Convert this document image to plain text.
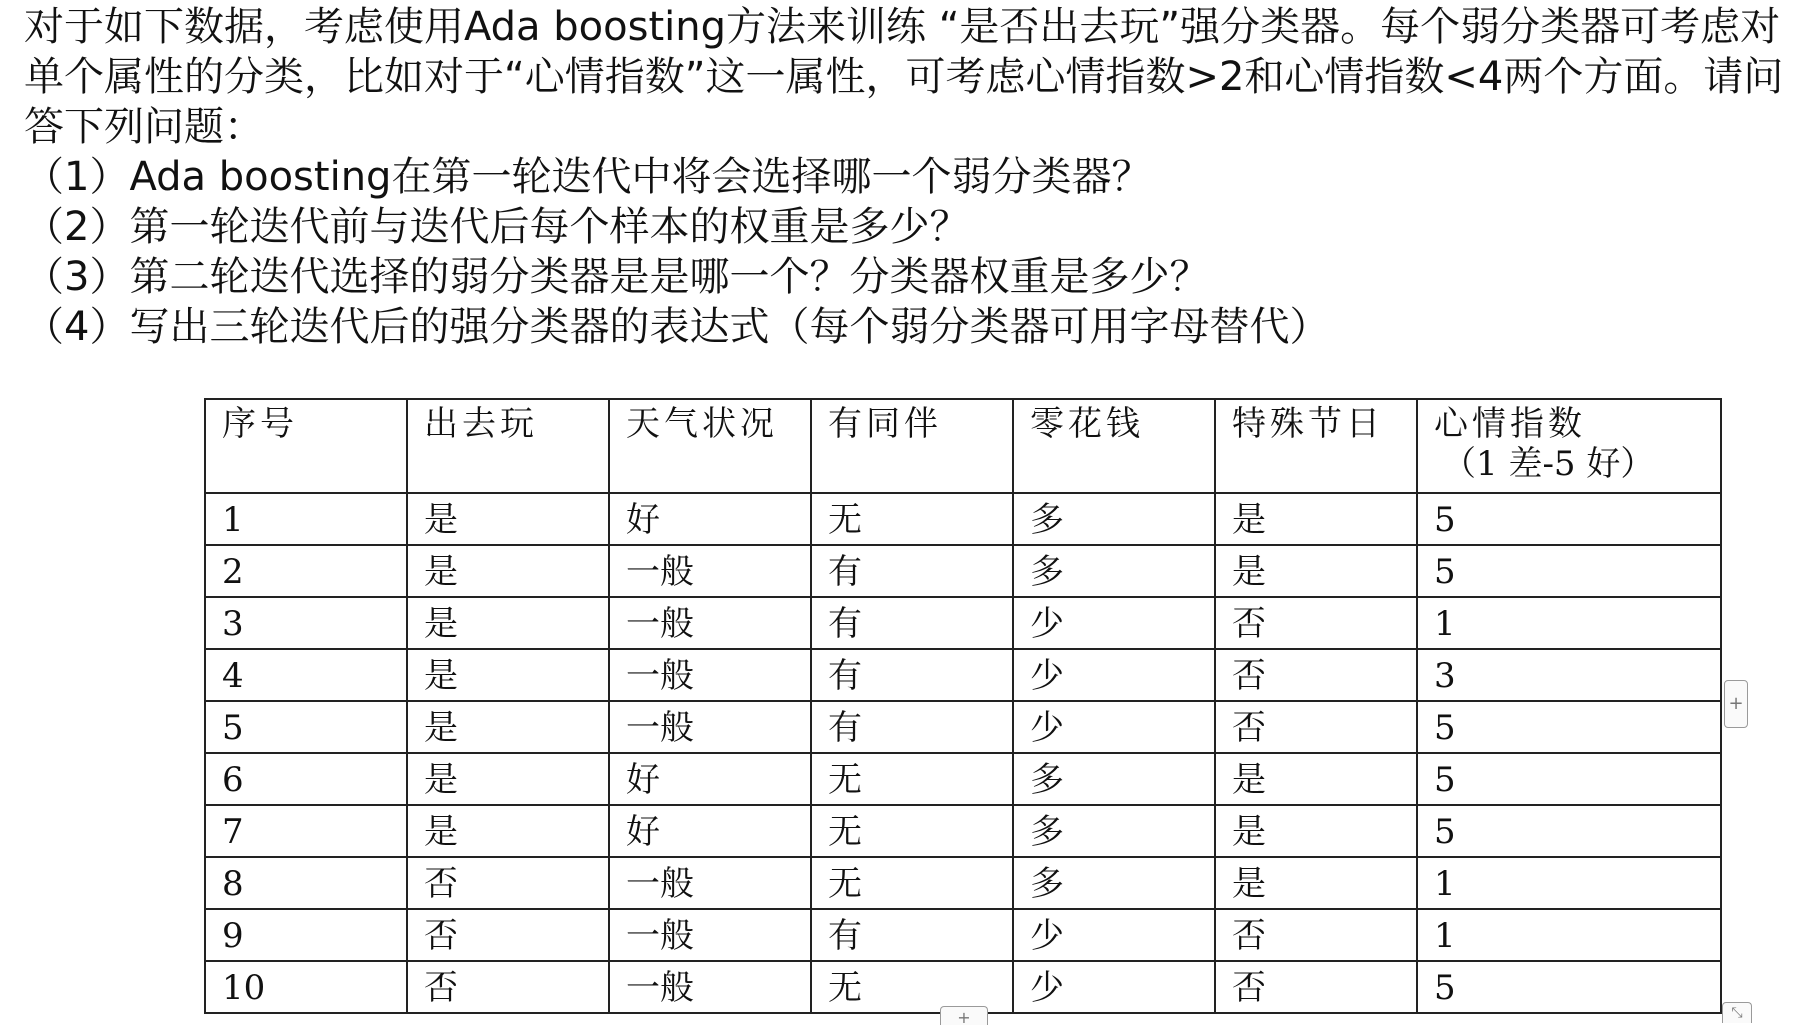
对于如下数据，考虑使用Ada boosting方法来训练 “是否出去玩”强分类器。每个弱分类器可考虑对单个属性的分类，比如对于“心情指数”这一属性，可考虑心情指数>2和心情指数<4两个方面。请问答下列问题：

（1）Ada boosting在第一轮迭代中将会选择哪一个弱分类器？
（2）第一轮迭代前与迭代后每个样本的权重是多少？
（3）第二轮迭代选择的弱分类器是是哪一个？分类器权重是多少？
（4）写出三轮迭代后的强分类器的表达式（每个弱分类器可用字母替代）
序号	出去玩	天气状况	有同伴	零花钱	特殊节日	心情指数
（1 差-5 好）

1	是	好	无	多	是	5
2	是	一般	有	多	是	5
3	是	一般	有	少	否	1
4	是	一般	有	少	否	3
5	是	一般	有	少	否	5
6	是	好	无	多	是	5
7	是	好	无	多	是	5
8	否	一般	无	多	是	1
9	否	一般	有	少	否	1
10	否	一般	无	少	否	5
+
+	⤡
